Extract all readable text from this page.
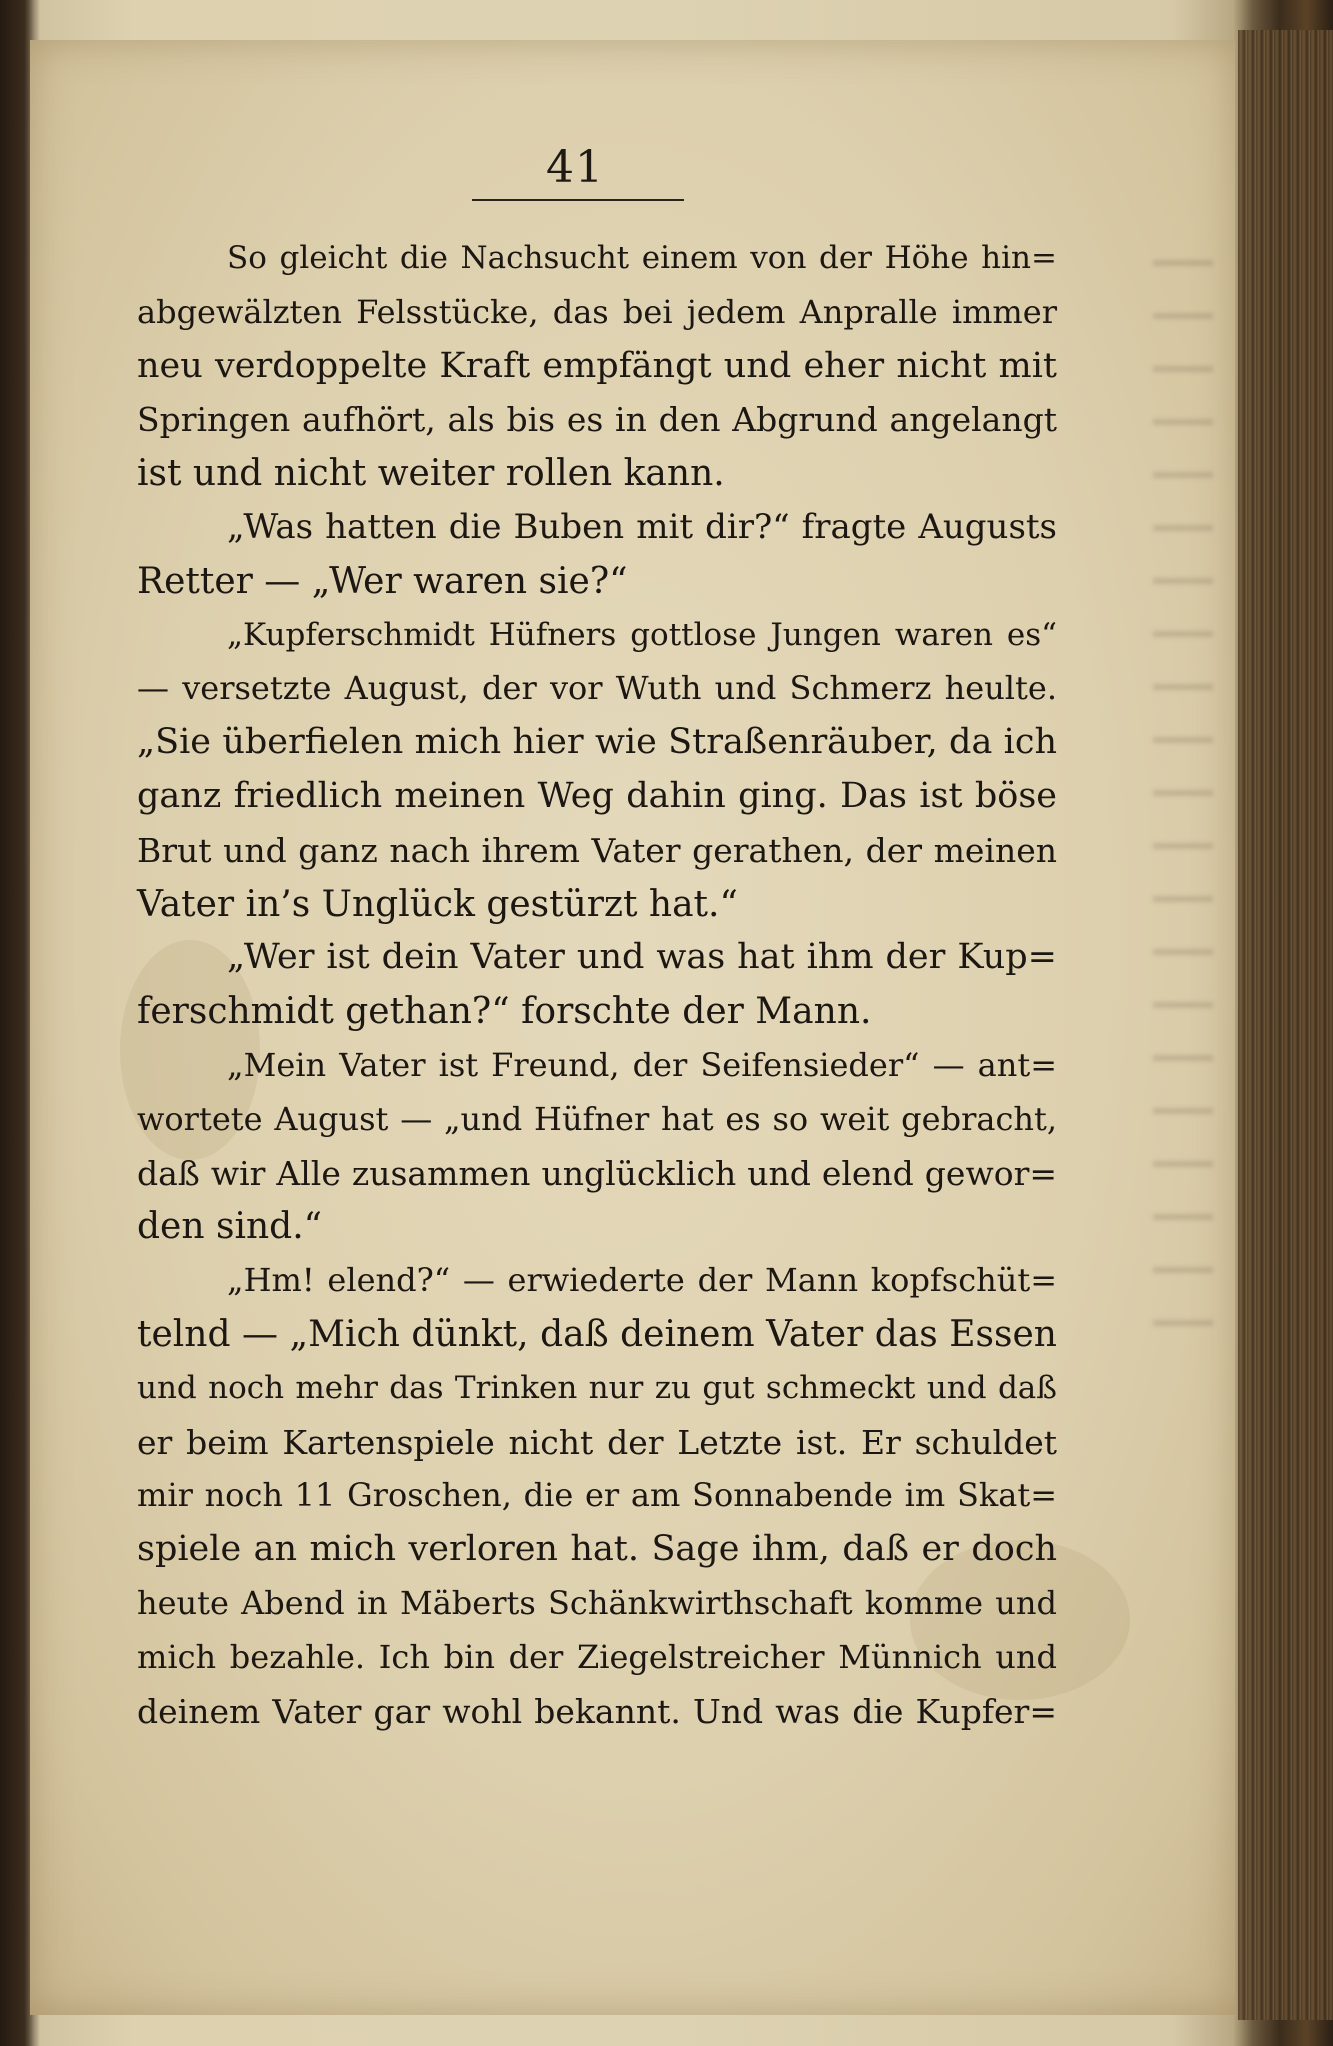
41
So gleicht die Nachsucht einem von der Höhe hin=
abgewälzten Felsstücke, das bei jedem Anpralle immer
neu verdoppelte Kraft empfängt und eher nicht mit
Springen aufhört, als bis es in den Abgrund angelangt
ist und nicht weiter rollen kann.
„Was hatten die Buben mit dir?“ fragte Augusts
Retter — „Wer waren sie?“
„Kupferschmidt Hüfners gottlose Jungen waren es“
— versetzte August, der vor Wuth und Schmerz heulte.
„Sie überfielen mich hier wie Straßenräuber, da ich
ganz friedlich meinen Weg dahin ging. Das ist böse
Brut und ganz nach ihrem Vater gerathen, der meinen
Vater in’s Unglück gestürzt hat.“
„Wer ist dein Vater und was hat ihm der Kup=
ferschmidt gethan?“ forschte der Mann.
„Mein Vater ist Freund, der Seifensieder“ — ant=
wortete August — „und Hüfner hat es so weit gebracht,
daß wir Alle zusammen unglücklich und elend gewor=
den sind.“
„Hm! elend?“ — erwiederte der Mann kopfschüt=
telnd — „Mich dünkt, daß deinem Vater das Essen
und noch mehr das Trinken nur zu gut schmeckt und daß
er beim Kartenspiele nicht der Letzte ist. Er schuldet
mir noch 11 Groschen, die er am Sonnabende im Skat=
spiele an mich verloren hat. Sage ihm, daß er doch
heute Abend in Mäberts Schänkwirthschaft komme und
mich bezahle. Ich bin der Ziegelstreicher Münnich und
deinem Vater gar wohl bekannt. Und was die Kupfer=
